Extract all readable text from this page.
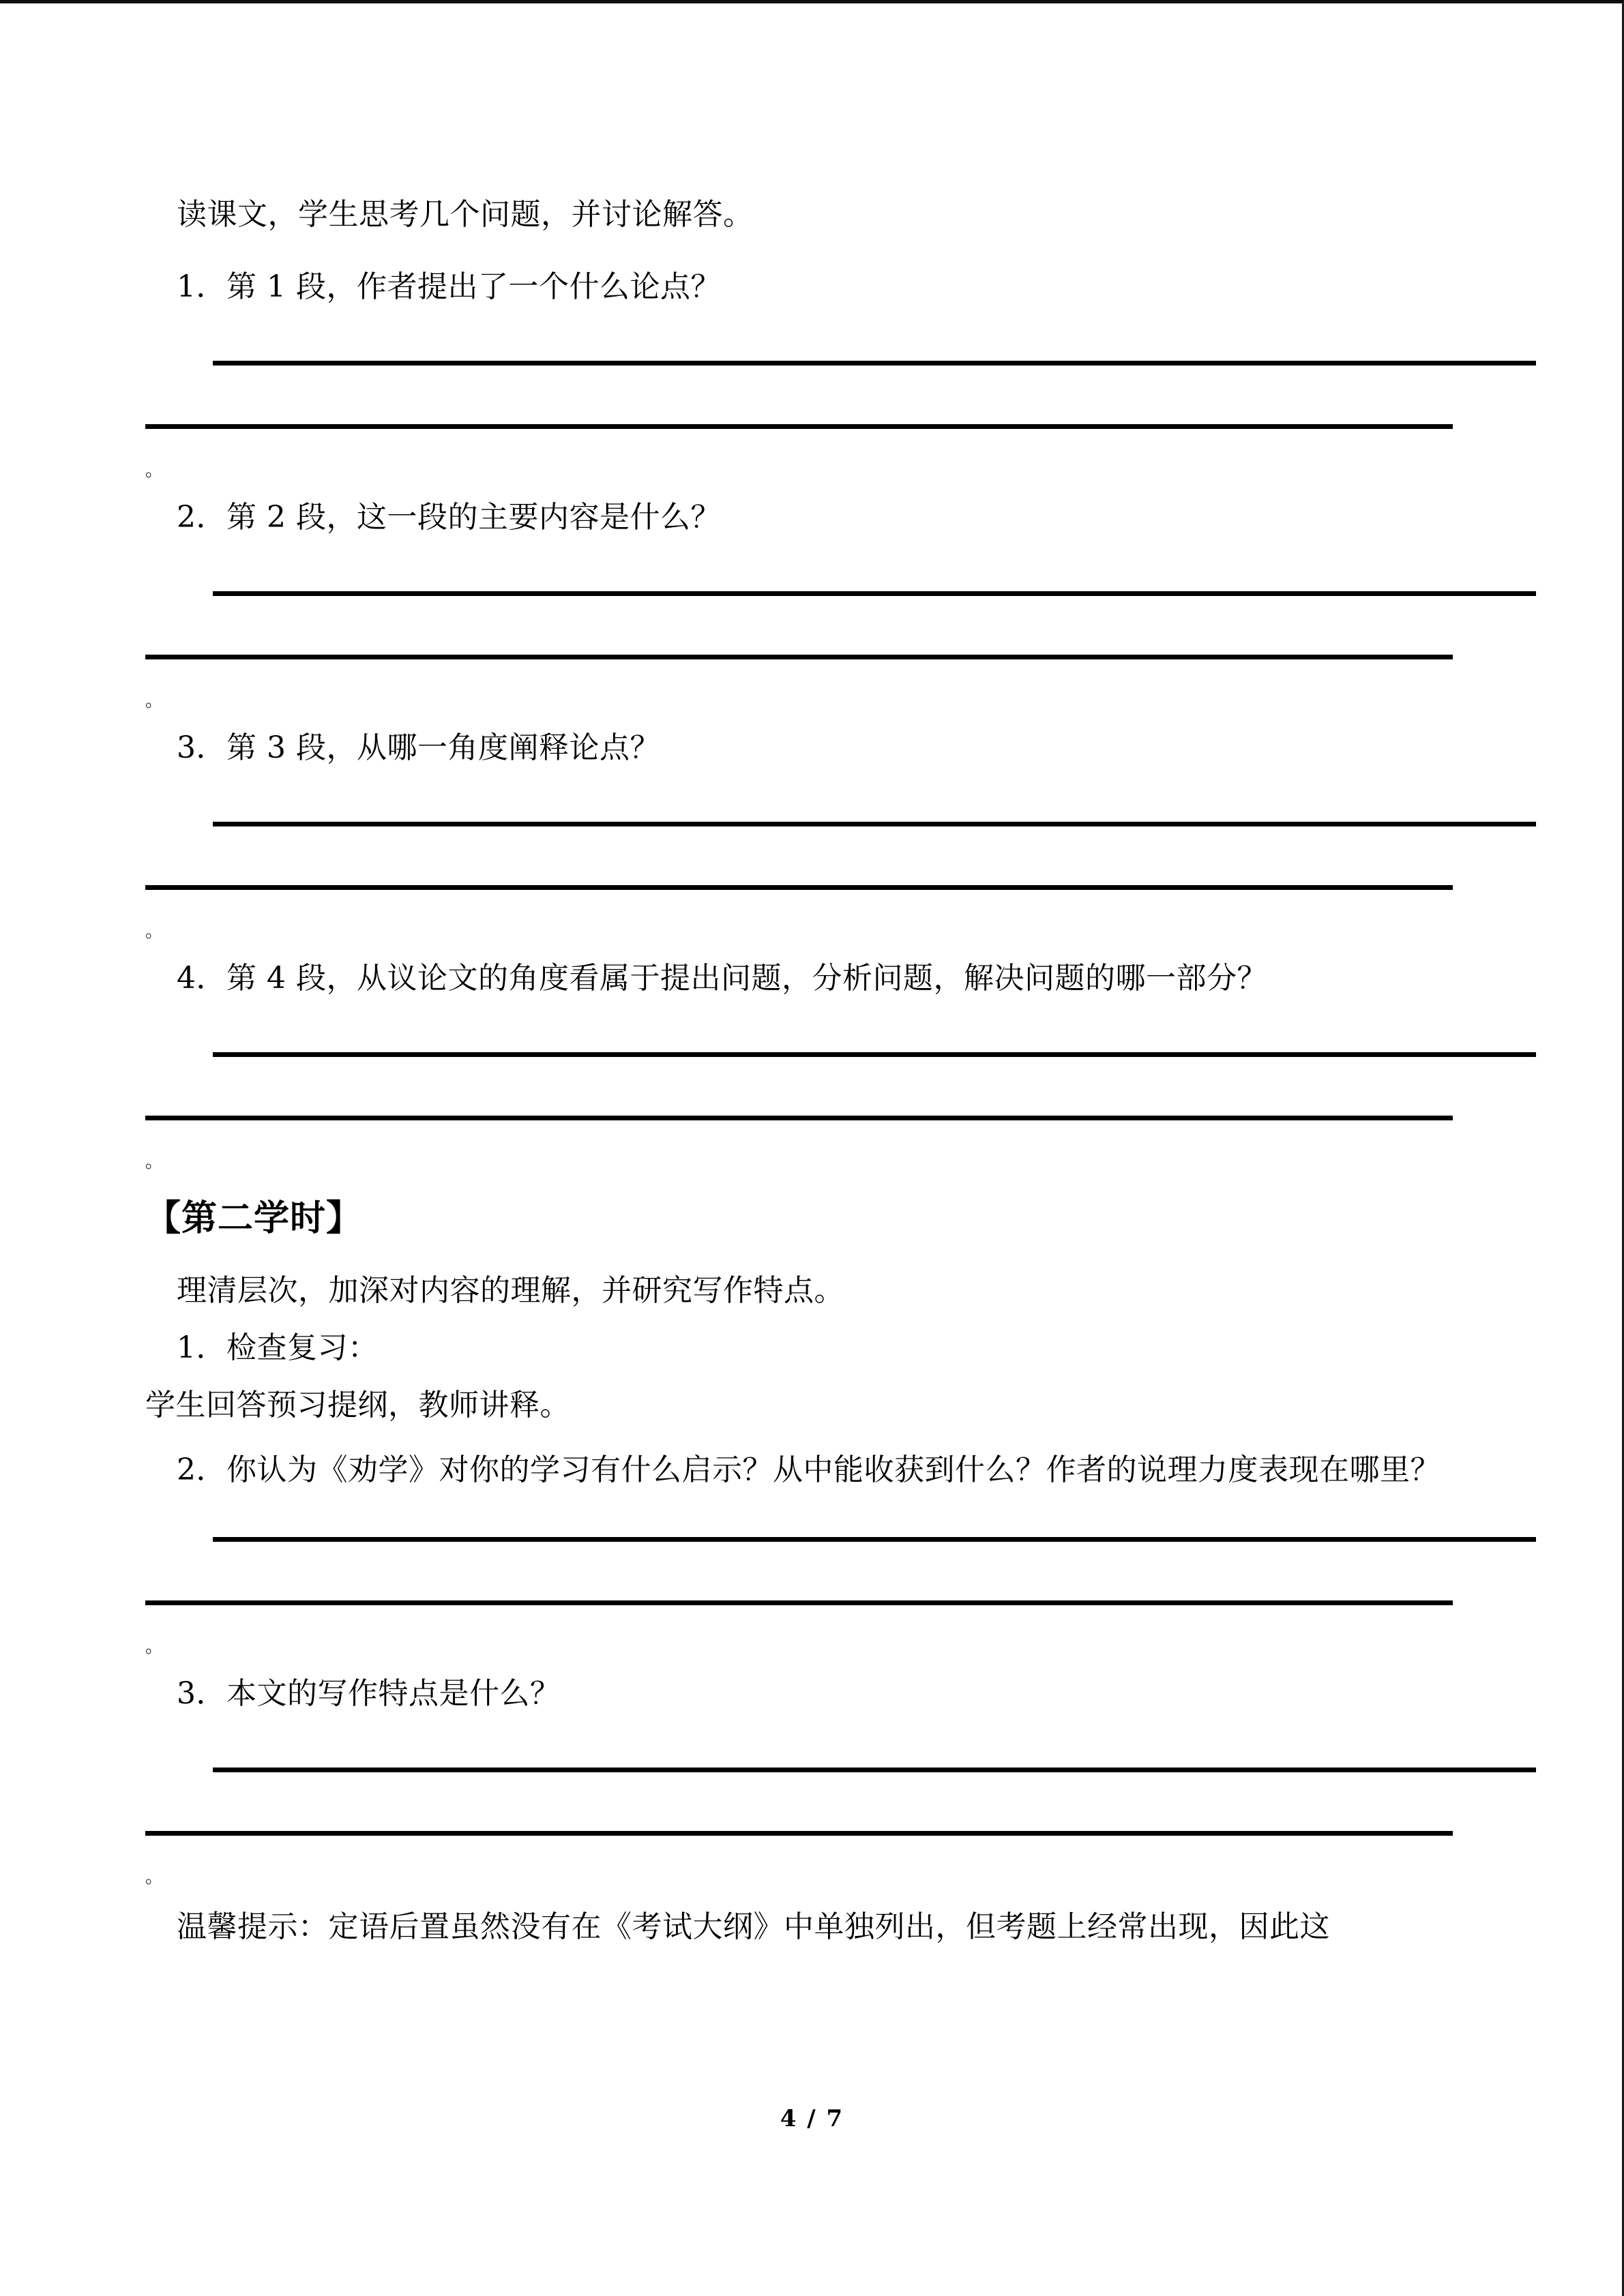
读课文，学生思考几个问题，并讨论解答。
1．第 1 段，作者提出了一个什么论点？
。
2．第 2 段，这一段的主要内容是什么？
。
3．第 3 段，从哪一角度阐释论点？
。
4．第 4 段，从议论文的角度看属于提出问题，分析问题，解决问题的哪一部分？
。
【第二学时】
理清层次，加深对内容的理解，并研究写作特点。
1．检查复习：
学生回答预习提纲，教师讲释。
2．你认为《劝学》对你的学习有什么启示？从中能收获到什么？作者的说理力度表现在哪里？
。
3．本文的写作特点是什么？
。
温馨提示：定语后置虽然没有在《考试大纲》中单独列出，但考题上经常出现，因此这
4 / 7
